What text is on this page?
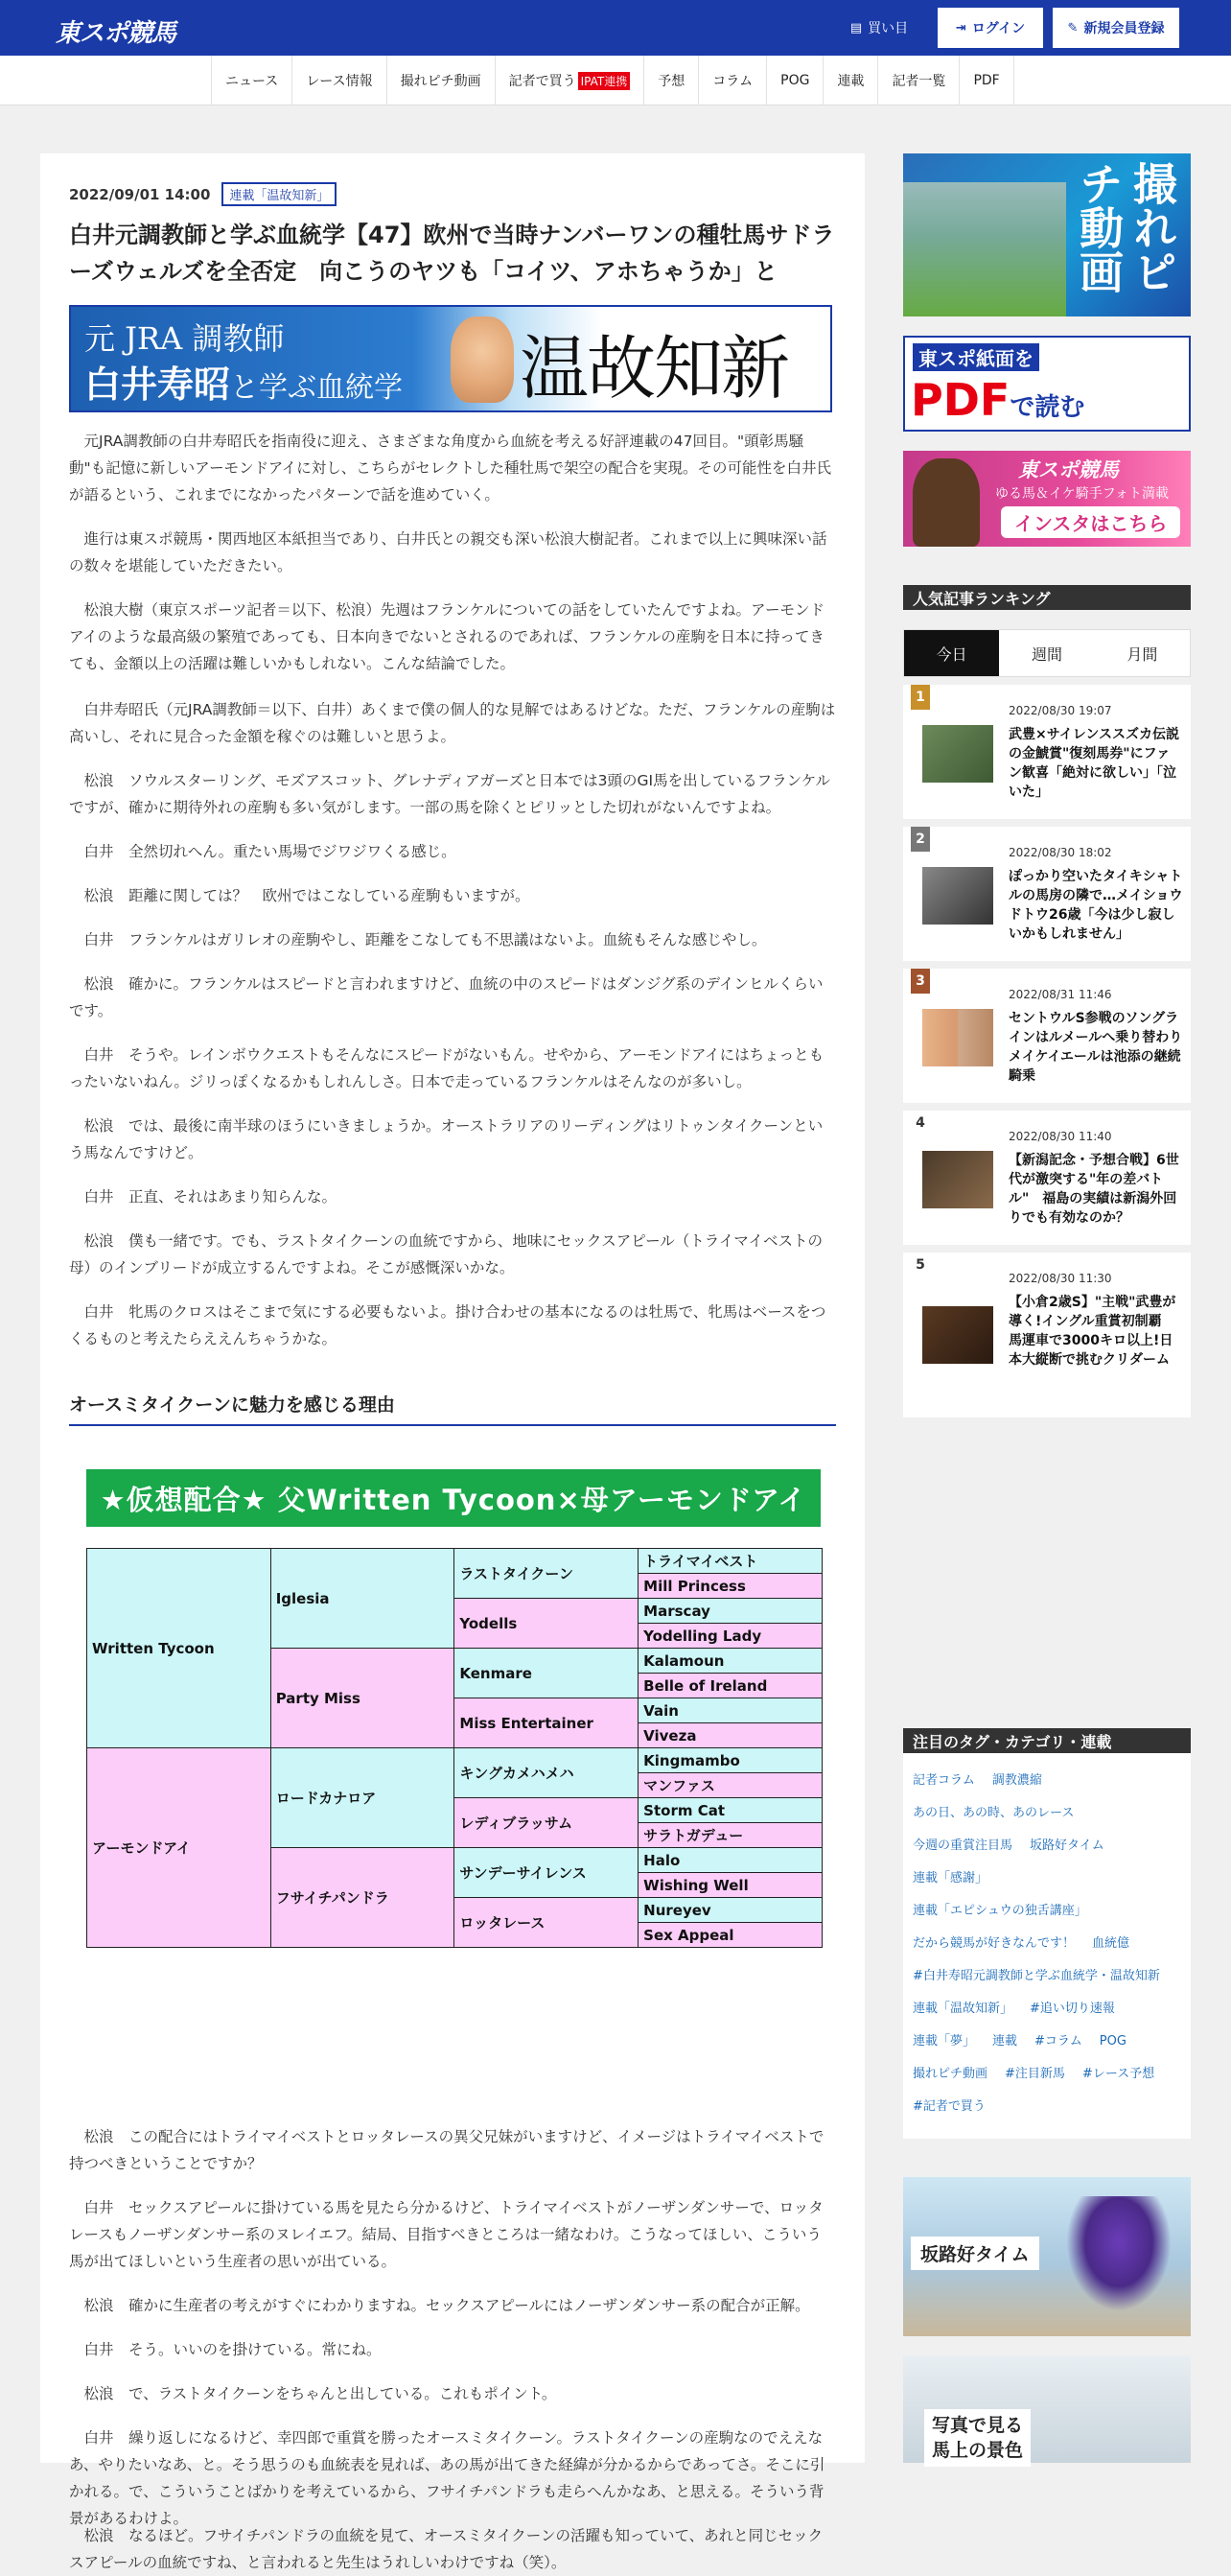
東スポ競馬	▤ 買い目	⇥ ログイン	✎ 新規会員登録
ニュース	レース情報	撮れピチ動画	記者で買う IPAT連携	予想	コラム	POG	連載	記者一覧	PDF
2022/09/01 14:00	連載「温故知新」
白井元調教師と学ぶ血統学【47】欧州で当時ナンバーワンの種牡馬サドラーズウェルズを全否定　向こうのヤツも「コイツ、アホちゃうか」と
元 JRA 調教師
白井寿昭と学ぶ血統学 温故知新

元JRA調教師の白井寿昭氏を指南役に迎え、さまざまな角度から血統を考える好評連載の47回目。"頭彰馬騒動"も記憶に新しいアーモンドアイに対し、こちらがセレクトした種牡馬で架空の配合を実現。その可能性を白井氏が語るという、これまでになかったパターンで話を進めていく。

進行は東スポ競馬・関西地区本紙担当であり、白井氏との親交も深い松浪大樹記者。これまで以上に興味深い話の数々を堪能していただきたい。

松浪大樹（東京スポーツ記者＝以下、松浪）先週はフランケルについての話をしていたんですよね。アーモンドアイのような最高級の繁殖であっても、日本向きでないとされるのであれば、フランケルの産駒を日本に持ってきても、金額以上の活躍は難しいかもしれない。こんな結論でした。

白井寿昭氏（元JRA調教師＝以下、白井）あくまで僕の個人的な見解ではあるけどな。ただ、フランケルの産駒は高いし、それに見合った金額を稼ぐのは難しいと思うよ。

松浪　ソウルスターリング、モズアスコット、グレナディアガーズと日本では3頭のGⅠ馬を出しているフランケルですが、確かに期待外れの産駒も多い気がします。一部の馬を除くとピリッとした切れがないんですよね。

白井　全然切れへん。重たい馬場でジワジワくる感じ。

松浪　距離に関しては？　欧州ではこなしている産駒もいますが。

白井　フランケルはガリレオの産駒やし、距離をこなしても不思議はないよ。血統もそんな感じやし。

松浪　確かに。フランケルはスピードと言われますけど、血統の中のスピードはダンジグ系のデインヒルくらいです。

白井　そうや。レインボウクエストもそんなにスピードがないもん。せやから、アーモンドアイにはちょっともったいないねん。ジリっぽくなるかもしれんしさ。日本で走っているフランケルはそんなのが多いし。

松浪　では、最後に南半球のほうにいきましょうか。オーストラリアのリーディングはリトゥンタイクーンという馬なんですけど。

白井　正直、それはあまり知らんな。

松浪　僕も一緒です。でも、ラストタイクーンの血統ですから、地味にセックスアピール（トライマイベストの母）のインブリードが成立するんですよね。そこが感慨深いかな。

白井　牝馬のクロスはそこまで気にする必要もないよ。掛け合わせの基本になるのは牡馬で、牝馬はベースをつくるものと考えたらええんちゃうかな。

オースミタイクーンに魅力を感じる理由
★仮想配合★ 父Written Tycoon×母アーモンドアイ
Written Tycoon	Iglesia	ラストタイクーン	トライマイベスト
			Mill Princess
		Yodells	Marscay
			Yodelling Lady
	Party Miss	Kenmare	Kalamoun
			Belle of Ireland
		Miss Entertainer	Vain
			Viveza
アーモンドアイ	ロードカナロア	キングカメハメハ	Kingmambo
			マンファス
		レディブラッサム	Storm Cat
			サラトガデュー
	フサイチパンドラ	サンデーサイレンス	Halo
			Wishing Well
		ロッタレース	Nureyev
			Sex Appeal

松浪　この配合にはトライマイベストとロッタレースの異父兄妹がいますけど、イメージはトライマイベストで持つべきということですか？

白井　セックスアピールに掛けている馬を見たら分かるけど、トライマイベストがノーザンダンサーで、ロッタレースもノーザンダンサー系のヌレイエフ。結局、目指すべきところは一緒なわけ。こうなってほしい、こういう馬が出てほしいという生産者の思いが出ている。

松浪　確かに生産者の考えがすぐにわかりますね。セックスアピールにはノーザンダンサー系の配合が正解。

白井　そう。いいのを掛けている。常にね。

松浪　で、ラストタイクーンをちゃんと出している。これもポイント。

白井　繰り返しになるけど、幸四郎で重賞を勝ったオースミタイクーン。ラストタイクーンの産駒なのでええなあ、やりたいなあ、と。そう思うのも血統表を見れば、あの馬が出てきた経緯が分かるからであってさ。そこに引かれる。で、こういうことばかりを考えているから、フサイチパンドラも走らへんかなあ、と思える。そういう背景があるわけよ。

松浪　なるほど。フサイチパンドラの血統を見て、オースミタイクーンの活躍も知っていて、あれと同じセックスアピールの血統ですね、と言われると先生はうれしいわけですね（笑）。

撮れピチ動画
東スポ紙面を
PDFで読む
東スポ競馬
ゆる馬＆イケ騎手フォト満載
インスタはこちら
人気記事ランキング
今日	週間	月間
1
2022/08/30 19:07
武豊×サイレンススズカ伝説の金鯱賞"復刻馬券"にファン歓喜「絶対に欲しい」「泣いた」
2
2022/08/30 18:02
ぽっかり空いたタイキシャトルの馬房の隣で…メイショウドトウ26歳「今は少し寂しいかもしれません」
3
2022/08/31 11:46
セントウルS参戦のソングラインはルメールへ乗り替わり　メイケイエールは池添の継続騎乗
4
2022/08/30 11:40
【新潟記念・予想合戦】6世代が激突する"年の差バトル"　福島の実績は新潟外回りでも有効なのか？
5
2022/08/30 11:30
【小倉2歳S】"主戦"武豊が導く!イングル重賞初制覇　馬運車で3000キロ以上!日本大縦断で挑むクリダーム
注目のタグ・カテゴリ・連載
記者コラム 調教濃縮
あの日、あの時、あのレース
今週の重賞注目馬 坂路好タイム
連載「感謝」
連載「エピシュウの独舌講座」
だから競馬が好きなんです！ 血統億
#白井寿昭元調教師と学ぶ血統学・温故知新
連載「温故知新」 #追い切り速報
連載「夢」 連載 #コラム POG
撮れピチ動画 #注目新馬 #レース予想
#記者で買う
坂路好タイム
写真で見る
馬上の景色
